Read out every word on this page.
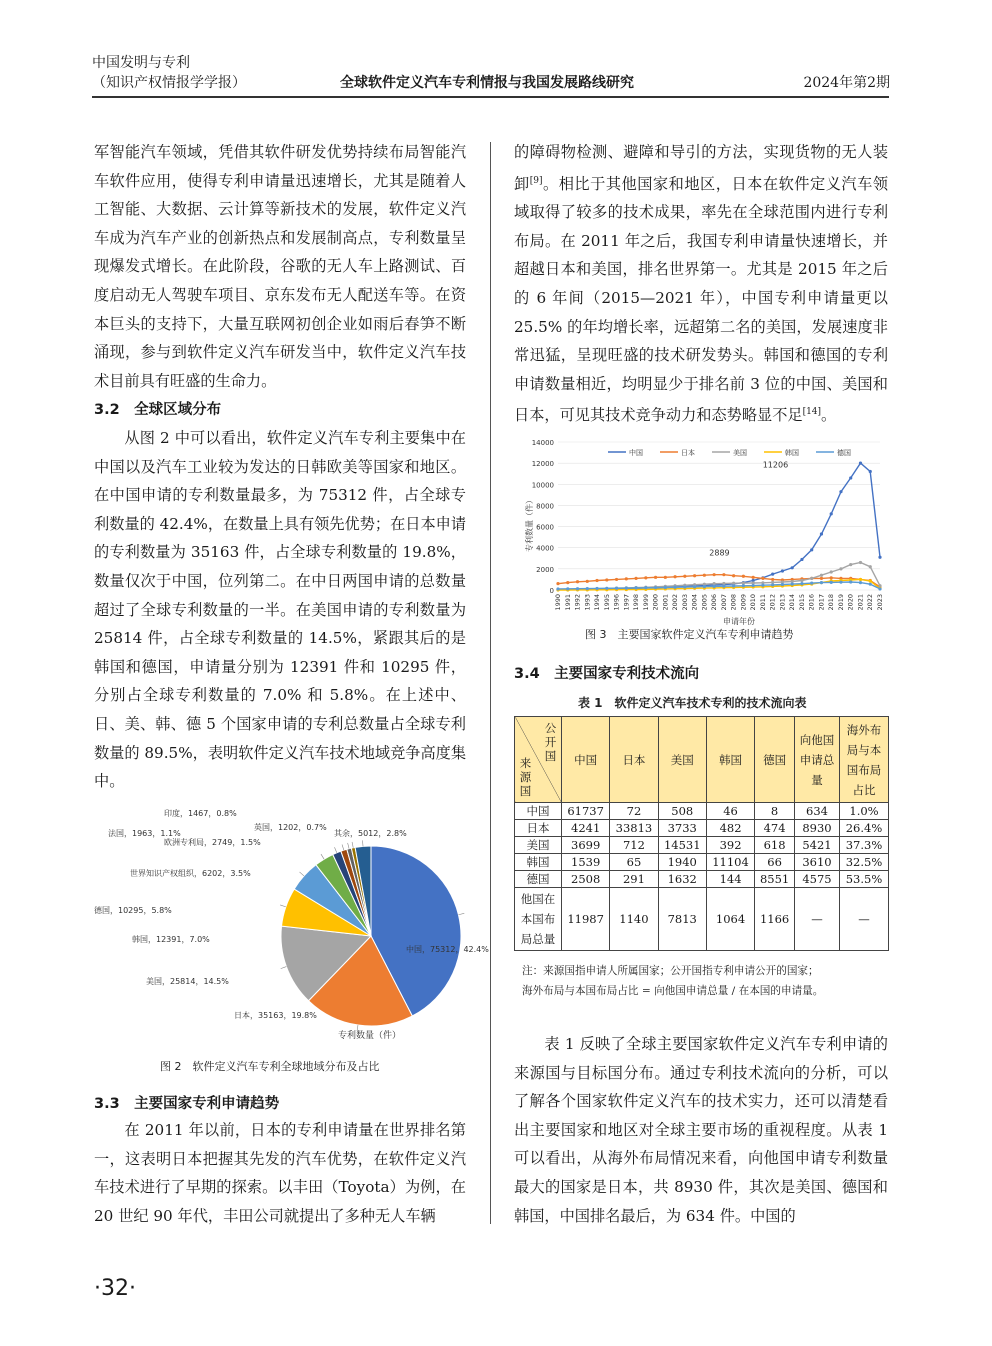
中国发明与专利
（知识产权情报学学报）	全球软件定义汽车专利情报与我国发展路线研究	2024年第2期

军智能汽车领域，凭借其软件研发优势持续布局智能汽车软件应用，使得专利申请量迅速增长，尤其是随着人工智能、大数据、云计算等新技术的发展，软件定义汽车成为汽车产业的创新热点和发展制高点，专利数量呈现爆发式增长。在此阶段，谷歌的无人车上路测试、百度启动无人驾驶车项目、京东发布无人配送车等。在资本巨头的支持下，大量互联网初创企业如雨后春笋不断涌现，参与到软件定义汽车研发当中，软件定义汽车技术目前具有旺盛的生命力。

3.2　全球区域分布

从图 2 中可以看出，软件定义汽车专利主要集中在中国以及汽车工业较为发达的日韩欧美等国家和地区。在中国申请的专利数量最多，为 75312 件，占全球专利数量的 42.4%，在数量上具有领先优势；在日本申请的专利数量为 35163 件，占全球专利数量的 19.8%，数量仅次于中国，位列第二。在中日两国申请的总数量超过了全球专利数量的一半。在美国申请的专利数量为 25814 件，占全球专利数量的 14.5%，紧跟其后的是韩国和德国，申请量分别为 12391 件和 10295 件，分别占全球专利数量的 7.0% 和 5.8%。在上述中、日、美、韩、德 5 个国家申请的专利总数量占全球专利数量的 89.5%，表明软件定义汽车技术地域竞争高度集中。

中国，75312，42.4%
日本，35163，19.8%
美国，25814，14.5%
韩国，12391，7.0%
德国，10295，5.8%
世界知识产权组织，6202，3.5%
欧洲专利局，2749，1.5%
法国，1963，1.1%
印度，1467，0.8%
英国，1202，0.7%
其余，5012，2.8%
专利数量（件）
图 2　软件定义汽车专利全球地域分布及占比
3.3　主要国家专利申请趋势

在 2011 年以前，日本的专利申请量在世界排名第一，这表明日本把握其先发的汽车优势，在软件定义汽车技术进行了早期的探索。以丰田（Toyota）为例，在 20 世纪 90 年代，丰田公司就提出了多种无人车辆

的障碍物检测、避障和导引的方法，实现货物的无人装卸[9]。相比于其他国家和地区，日本在软件定义汽车领域取得了较多的技术成果，率先在全球范围内进行专利布局。在 2011 年之后，我国专利申请量快速增长，并超越日本和美国，排名世界第一。尤其是 2015 年之后的 6 年间（2015—2021 年），中国专利申请量更以 25.5% 的年均增长率，远超第二名的美国，发展速度非常迅猛，呈现旺盛的技术研发势头。韩国和德国的专利申请数量相近，均明显少于排名前 3 位的中国、美国和日本，可见其技术竞争动力和态势略显不足[14]。

0
2000
4000
6000
8000
10000
12000
14000
1990 1991 1992 1993 1994 1995 1996 1997 1998 1999 2000 2001 2002 2003 2004 2005 2006 2007 2008 2009 2010 2011 2012 2013 2014 2015 2016 2017 2018 2019 2020 2021 2022 2023
11206
2889
中国	日本	美国	韩国	德国
专利数量（件）
申请年份
图 3　主要国家软件定义汽车专利申请趋势
3.4　主要国家专利技术流向
表 1　软件定义汽车技术专利的技术流向表
公开国
来源国	中国	日本	美国	韩国	德国	向他国申请总量	海外布局与本国布局占比
中国	61737	72	508	46	8	634	1.0%
日本	4241	33813	3733	482	474	8930	26.4%
美国	3699	712	14531	392	618	5421	37.3%
韩国	1539	65	1940	11104	66	3610	32.5%
德国	2508	291	1632	144	8551	4575	53.5%
他国在本国布局总量	11987	1140	7813	1064	1166	—	—
注：来源国指申请人所属国家；公开国指专利申请公开的国家；
海外布局与本国布局占比 = 向他国申请总量 / 在本国的申请量。

表 1 反映了全球主要国家软件定义汽车专利申请的来源国与目标国分布。通过专利技术流向的分析，可以了解各个国家软件定义汽车的技术实力，还可以清楚看出主要国家和地区对全球主要市场的重视程度。从表 1 可以看出，从海外布局情况来看，向他国申请专利数量最大的国家是日本，共 8930 件，其次是美国、德国和韩国，中国排名最后，为 634 件。中国的

·32·
